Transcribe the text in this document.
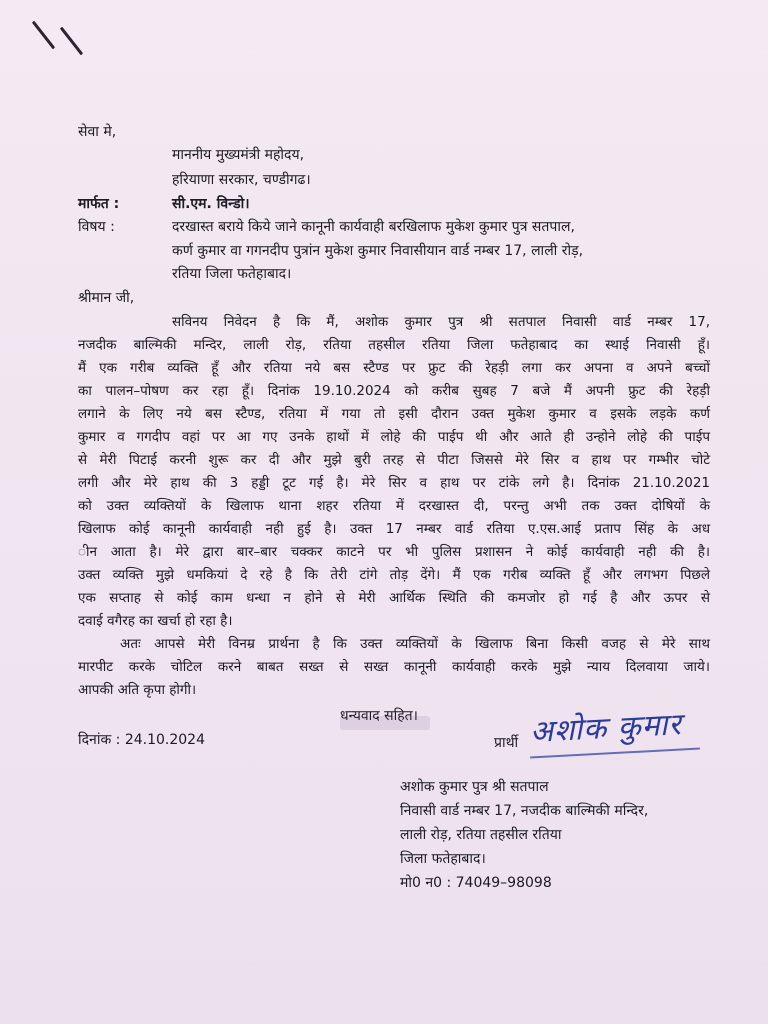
सेवा मे,

माननीय मुख्यमंत्री महोदय,

हरियाणा सरकार, चण्डीगढ।

मार्फत :	सी.एम. विन्डो।

विषय :	दरखास्त बराये किये जाने कानूनी कार्यवाही बरखिलाफ मुकेश कुमार पुत्र सतपाल,

कर्ण कुमार वा गगनदीप पुत्रांन मुकेश कुमार निवासीयान वार्ड नम्बर 17, लाली रोड़,

रतिया जिला फतेहाबाद।

श्रीमान जी,

सविनय निवेदन है कि मैं, अशोक कुमार पुत्र श्री सतपाल निवासी वार्ड नम्बर 17,

नजदीक बाल्मिकी मन्दिर, लाली रोड़, रतिया तहसील रतिया जिला फतेहाबाद का स्थाई निवासी हूँ।

मैं एक गरीब व्यक्ति हूँ और रतिया नये बस स्टैण्ड पर फ्रुट की रेहड़ी लगा कर अपना व अपने बच्चों

का पालन–पोषण कर रहा हूँ। दिनांक 19.10.2024 को करीब सुबह 7 बजे मैं अपनी फ्रुट की रेहड़ी

लगाने के लिए नये बस स्टैण्ड, रतिया में गया तो इसी दौरान उक्त मुकेश कुमार व इसके लड़के कर्ण

कुमार व गगदीप वहां पर आ गए उनके हाथों में लोहे की पाईप थी और आते ही उन्होने लोहे की पाईप

से मेरी पिटाई करनी शुरू कर दी और मुझे बुरी तरह से पीटा जिससे मेरे सिर व हाथ पर गम्भीर चोटे

लगी और मेरे हाथ की 3 हड्डी टूट गई है। मेरे सिर व हाथ पर टांके लगे है। दिनांक 21.10.2021

को उक्त व्यक्तियों के खिलाफ थाना शहर रतिया में दरखास्त दी, परन्तु अभी तक उक्त दोषियों के

खिलाफ कोई कानूनी कार्यवाही नही हुई है। उक्त 17 नम्बर वार्ड रतिया ए.एस.आई प्रताप सिंह के अध

ीन आता है। मेरे द्वारा बार–बार चक्कर काटने पर भी पुलिस प्रशासन ने कोई कार्यवाही नही की है।

उक्त व्यक्ति मुझे धमकियां दे रहे है कि तेरी टांगे तोड़ देंगे। मैं एक गरीब व्यक्ति हूँ और लगभग पिछले

एक सप्ताह से कोई काम धन्धा न होने से मेरी आर्थिक स्थिति की कमजोर हो गई है और ऊपर से

दवाई वगैरह का खर्चा हो रहा है।

अतः आपसे मेरी विनम्र प्रार्थना है कि उक्त व्यक्तियों के खिलाफ बिना किसी वजह से मेरे साथ

मारपीट करके चोटिल करने बाबत सख्त से सख्त कानूनी कार्यवाही करके मुझे न्याय दिलवाया जाये।

आपकी अति कृपा होगी।

धन्यवाद सहित।

दिनांक : 24.10.2024	प्रार्थी अशोक कुमार

अशोक कुमार पुत्र श्री सतपाल

निवासी वार्ड नम्बर 17, नजदीक बाल्मिकी मन्दिर,

लाली रोड़, रतिया तहसील रतिया

जिला फतेहाबाद।

मो0 न0 : 74049–98098
